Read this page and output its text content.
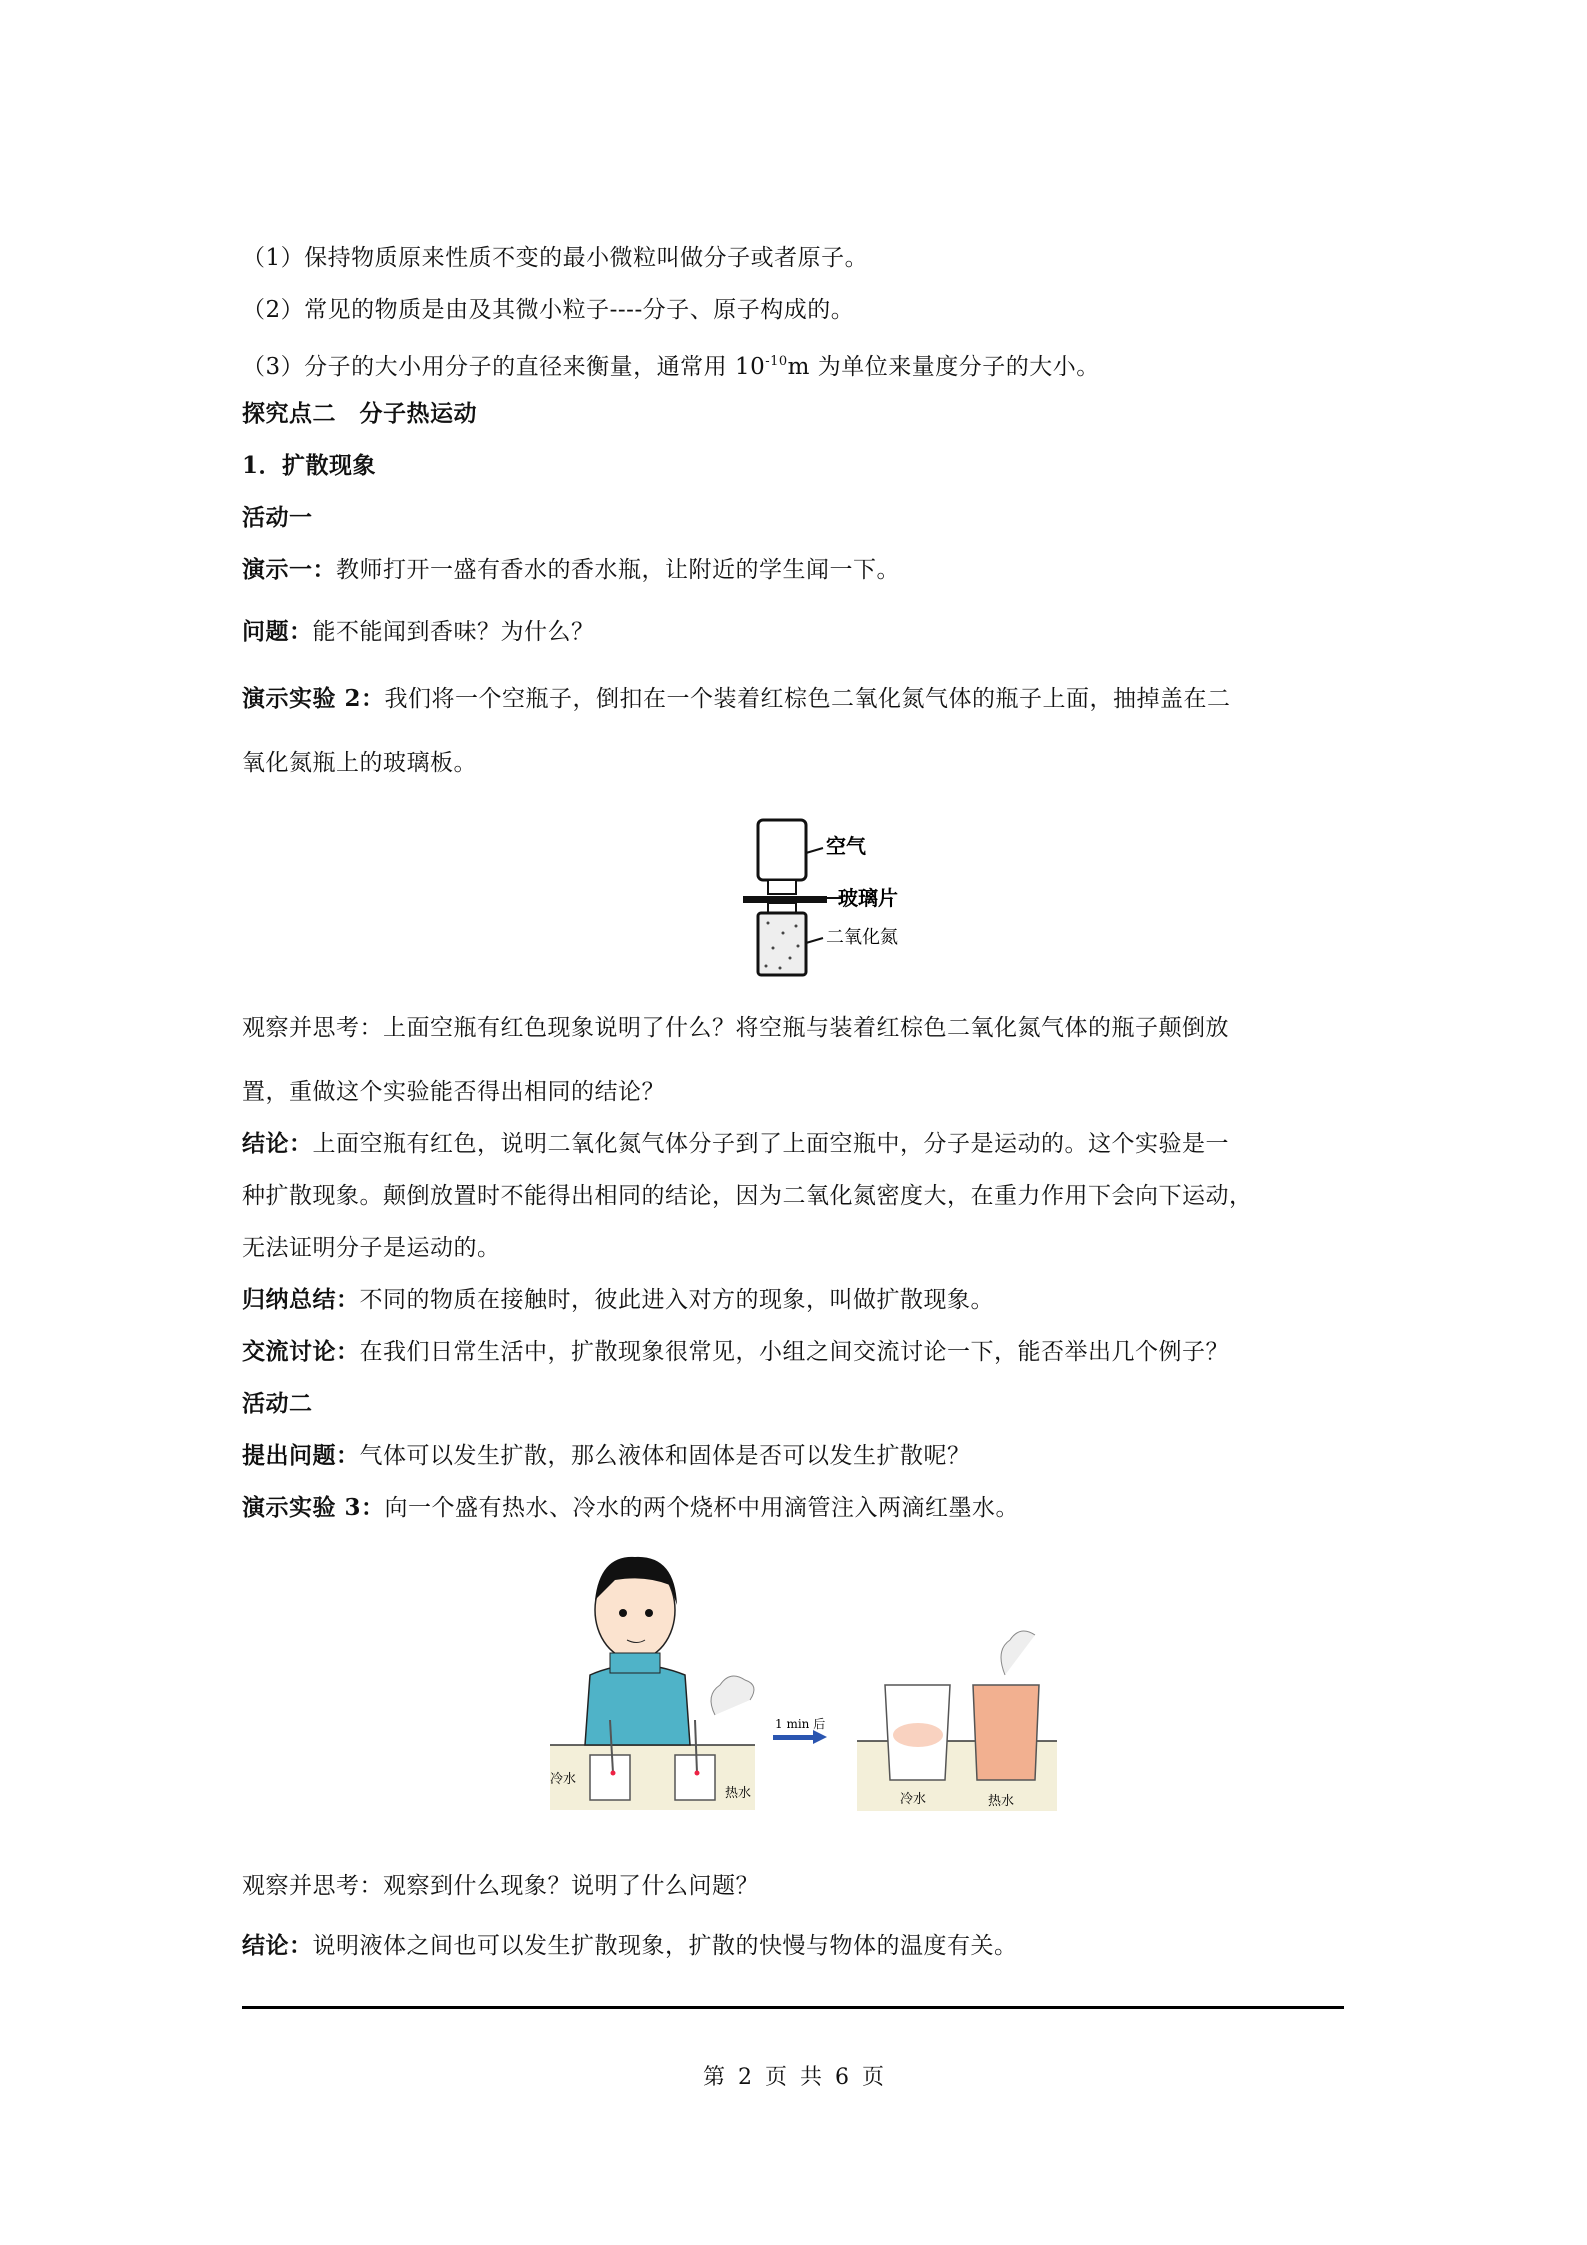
（1）保持物质原来性质不变的最小微粒叫做分子或者原子。
（2）常见的物质是由及其微小粒子----分子、原子构成的。
（3）分子的大小用分子的直径来衡量，通常用 $10^{-10}m$ 为单位来量度分子的大小。
探究点二　分子热运动
1．扩散现象
活动一
演示一：教师打开一盛有香水的香水瓶，让附近的学生闻一下。
问题：能不能闻到香味？为什么？
演示实验 2：我们将一个空瓶子，倒扣在一个装着红棕色二氧化氮气体的瓶子上面，抽掉盖在二
氧化氮瓶上的玻璃板。
空气
玻璃片
二氧化氮
观察并思考：上面空瓶有红色现象说明了什么？将空瓶与装着红棕色二氧化氮气体的瓶子颠倒放
置，重做这个实验能否得出相同的结论？
结论：上面空瓶有红色，说明二氧化氮气体分子到了上面空瓶中，分子是运动的。这个实验是一
种扩散现象。颠倒放置时不能得出相同的结论，因为二氧化氮密度大，在重力作用下会向下运动，
无法证明分子是运动的。
归纳总结：不同的物质在接触时，彼此进入对方的现象，叫做扩散现象。
交流讨论：在我们日常生活中，扩散现象很常见，小组之间交流讨论一下，能否举出几个例子？
活动二
提出问题：气体可以发生扩散，那么液体和固体是否可以发生扩散呢？
演示实验 3：向一个盛有热水、冷水的两个烧杯中用滴管注入两滴红墨水。
冷水
热水
1 min 后
冷水	热水
观察并思考：观察到什么现象？说明了什么问题？
结论：说明液体之间也可以发生扩散现象，扩散的快慢与物体的温度有关。
第 2 页 共 6 页
